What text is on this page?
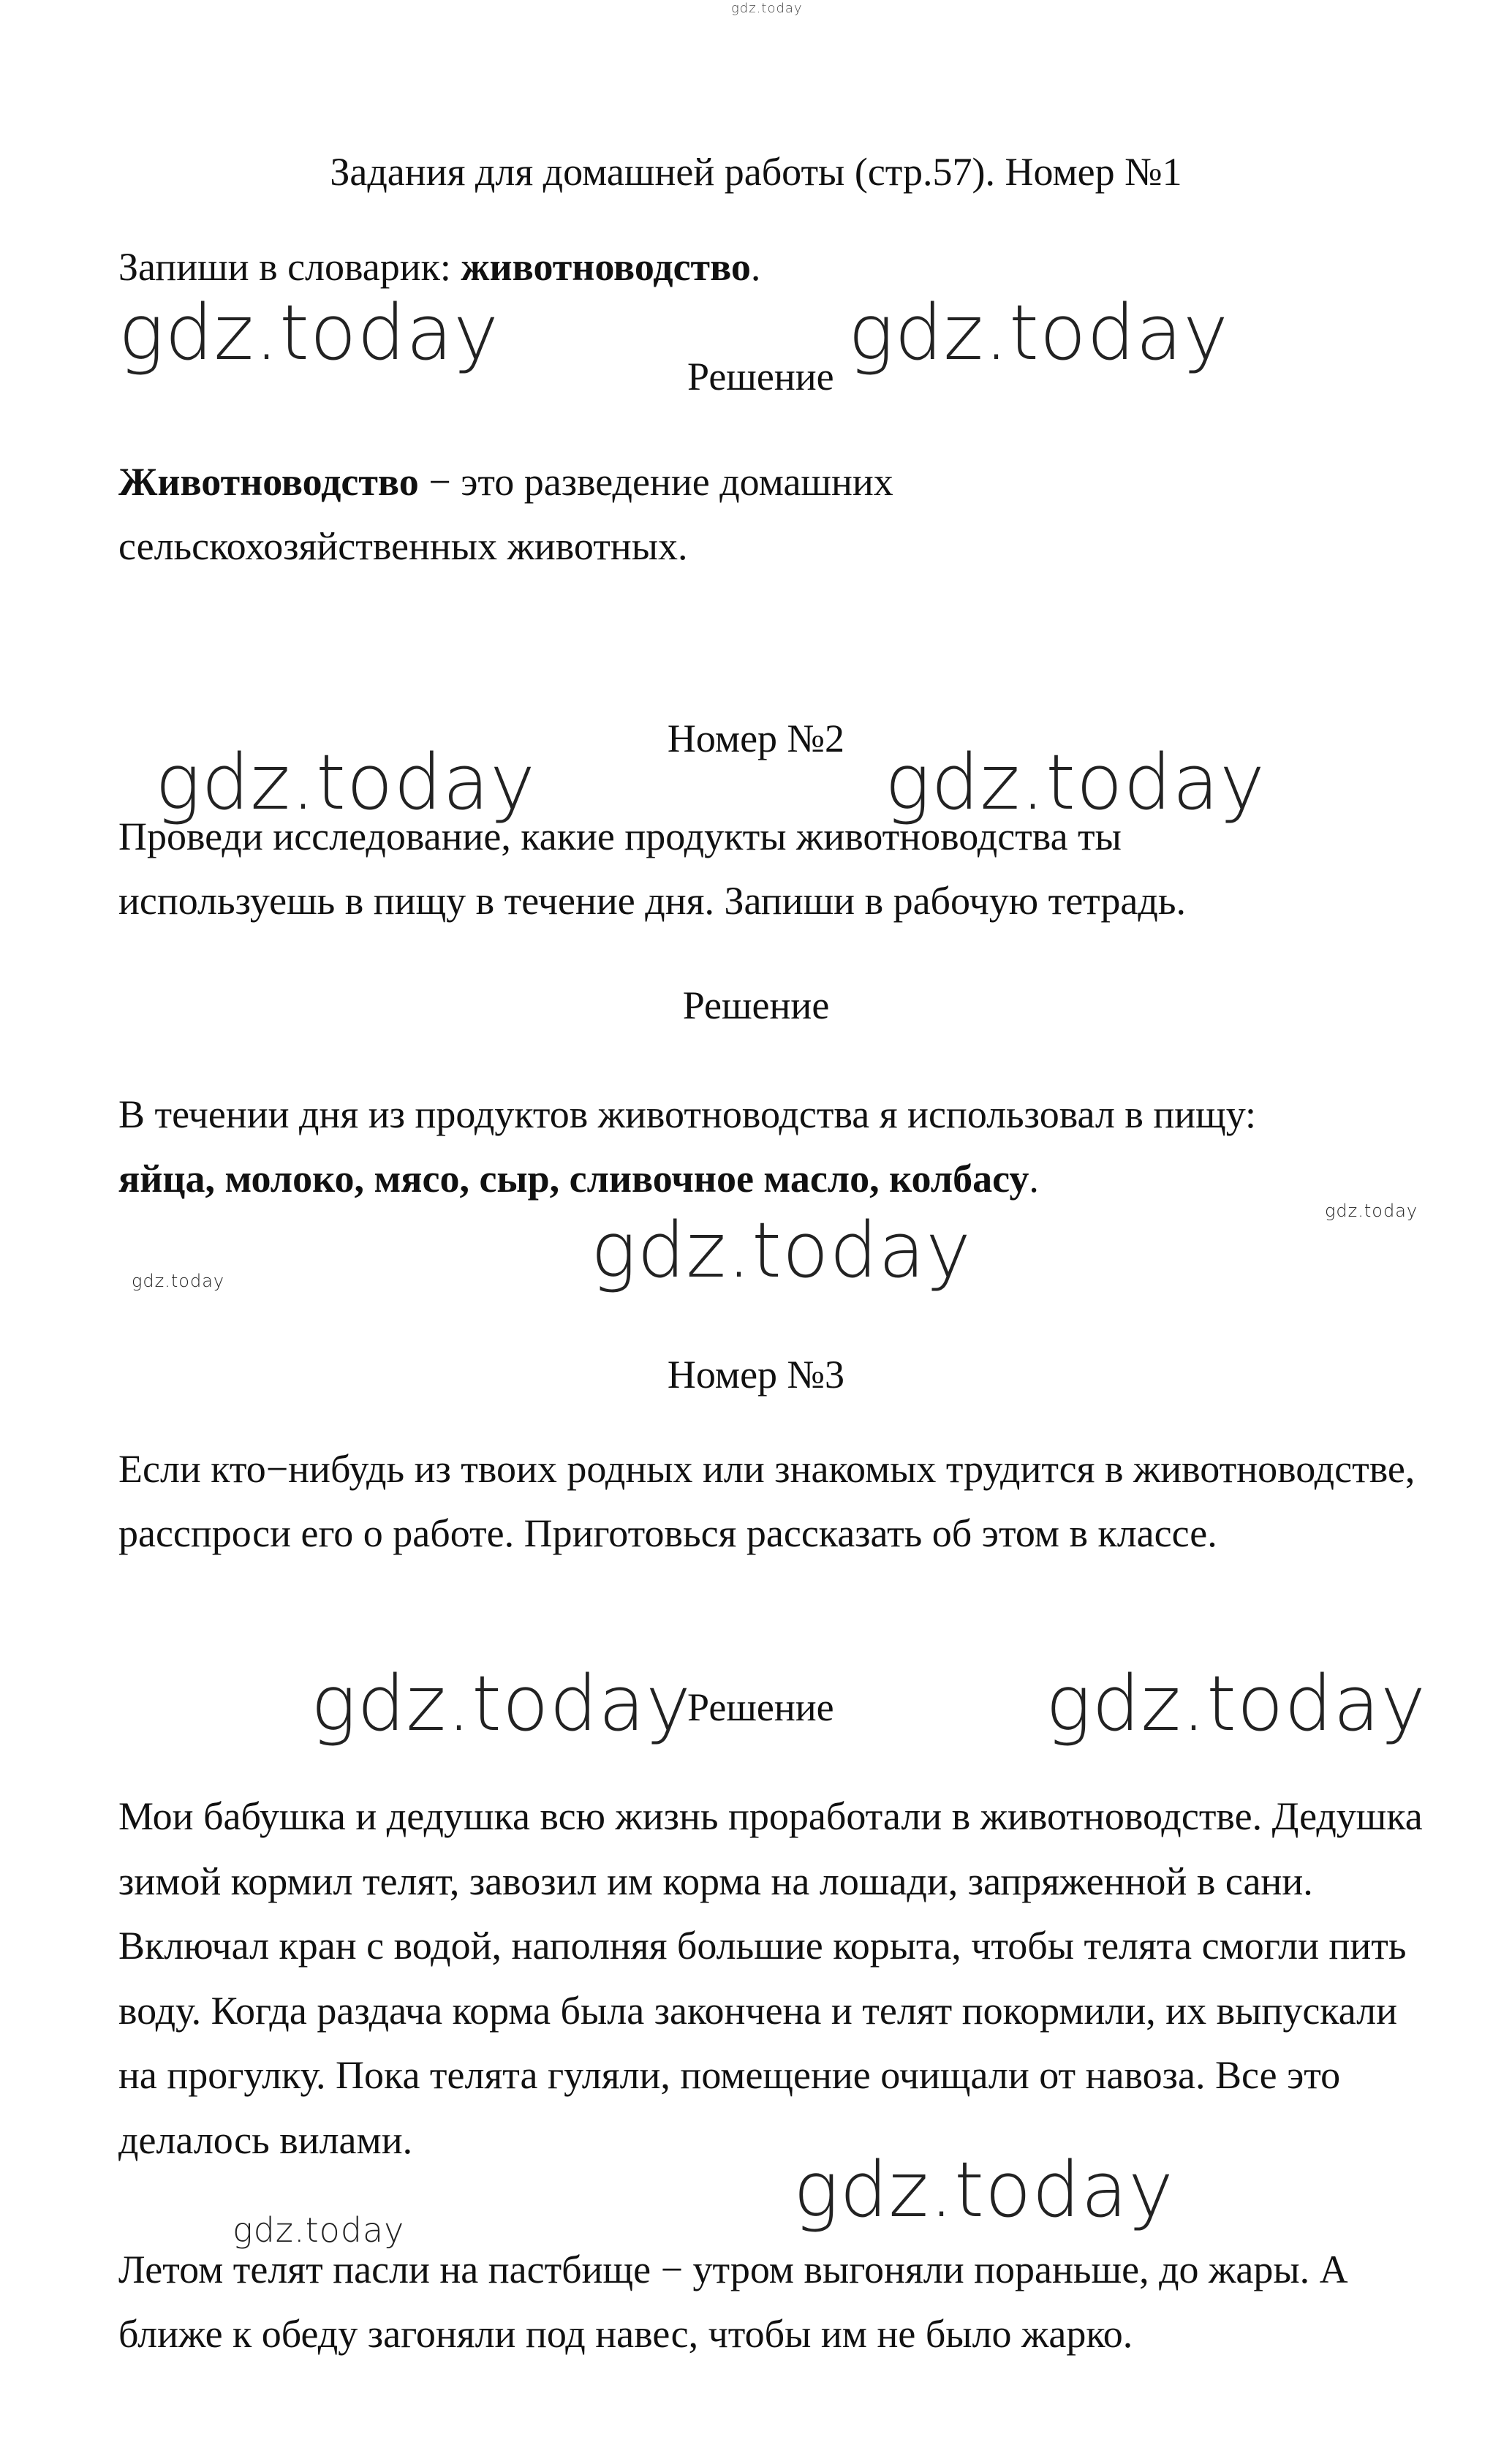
gdz.today
Задания для домашней работы (стр.57). Номер №1
Запиши в словарик: животноводство.
gdz.today	Решение gdz.today
Животноводство − это разведение домашних сельскохозяйственных животных.
Номер №2
gdz.today	gdz.today
Проведи исследование, какие продукты животноводства ты используешь в пищу в течение дня. Запиши в рабочую тетрадь.
Решение
В течении дня из продуктов животноводства я использовал в пищу: яйца, молоко, мясо, сыр, сливочное масло, колбасу.
gdz.today
gdz.today
gdz.today
Номер №3
Если кто−нибудь из твоих родных или знакомых трудится в животноводстве, расспроси его о работе. Приготовься рассказать об этом в классе.
gdz.today
Решение	gdz.today
Мои бабушка и дедушка всю жизнь проработали в животноводстве. Дедушка зимой кормил телят, завозил им корма на лошади, запряженной в сани. Включал кран с водой, наполняя большие корыта, чтобы телята смогли пить воду. Когда раздача корма была закончена и телят покормили, их выпускали на прогулку. Пока телята гуляли, помещение очищали от навоза. Все это делалось вилами.
gdz.today
gdz.today
Летом телят пасли на пастбище − утром выгоняли пораньше, до жары. А ближе к обеду загоняли под навес, чтобы им не было жарко.
